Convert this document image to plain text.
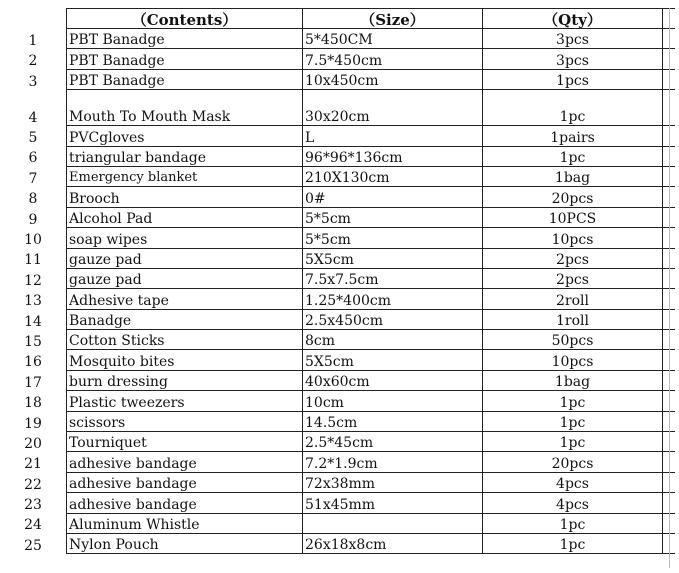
	（Contents）	（Size）	（Qty）	
1	PBT Banadge	5*450CM	3pcs	
2	PBT Banadge	7.5*450cm	3pcs	
3	PBT Banadge	10x450cm	1pcs	
4	Mouth To Mouth Mask	30x20cm	1pc	
5	PVCgloves	L	1pairs	
6	triangular bandage	96*96*136cm	1pc	
7	Emergency blanket	210X130cm	1bag	
8	Brooch	0#	20pcs	
9	Alcohol Pad	5*5cm	10PCS	
10	soap wipes	5*5cm	10pcs	
11	gauze pad	5X5cm	2pcs	
12	gauze pad	7.5x7.5cm	2pcs	
13	Adhesive tape	1.25*400cm	2roll	
14	Banadge	2.5x450cm	1roll	
15	Cotton Sticks	8cm	50pcs	
16	Mosquito bites	5X5cm	10pcs	
17	burn dressing	40x60cm	1bag	
18	Plastic tweezers	10cm	1pc	
19	scissors	14.5cm	1pc	
20	Tourniquet	2.5*45cm	1pc	
21	adhesive bandage	7.2*1.9cm	20pcs	
22	adhesive bandage	72x38mm	4pcs	
23	adhesive bandage	51x45mm	4pcs	
24	Aluminum Whistle		1pc	
25	Nylon Pouch	26x18x8cm	1pc	
